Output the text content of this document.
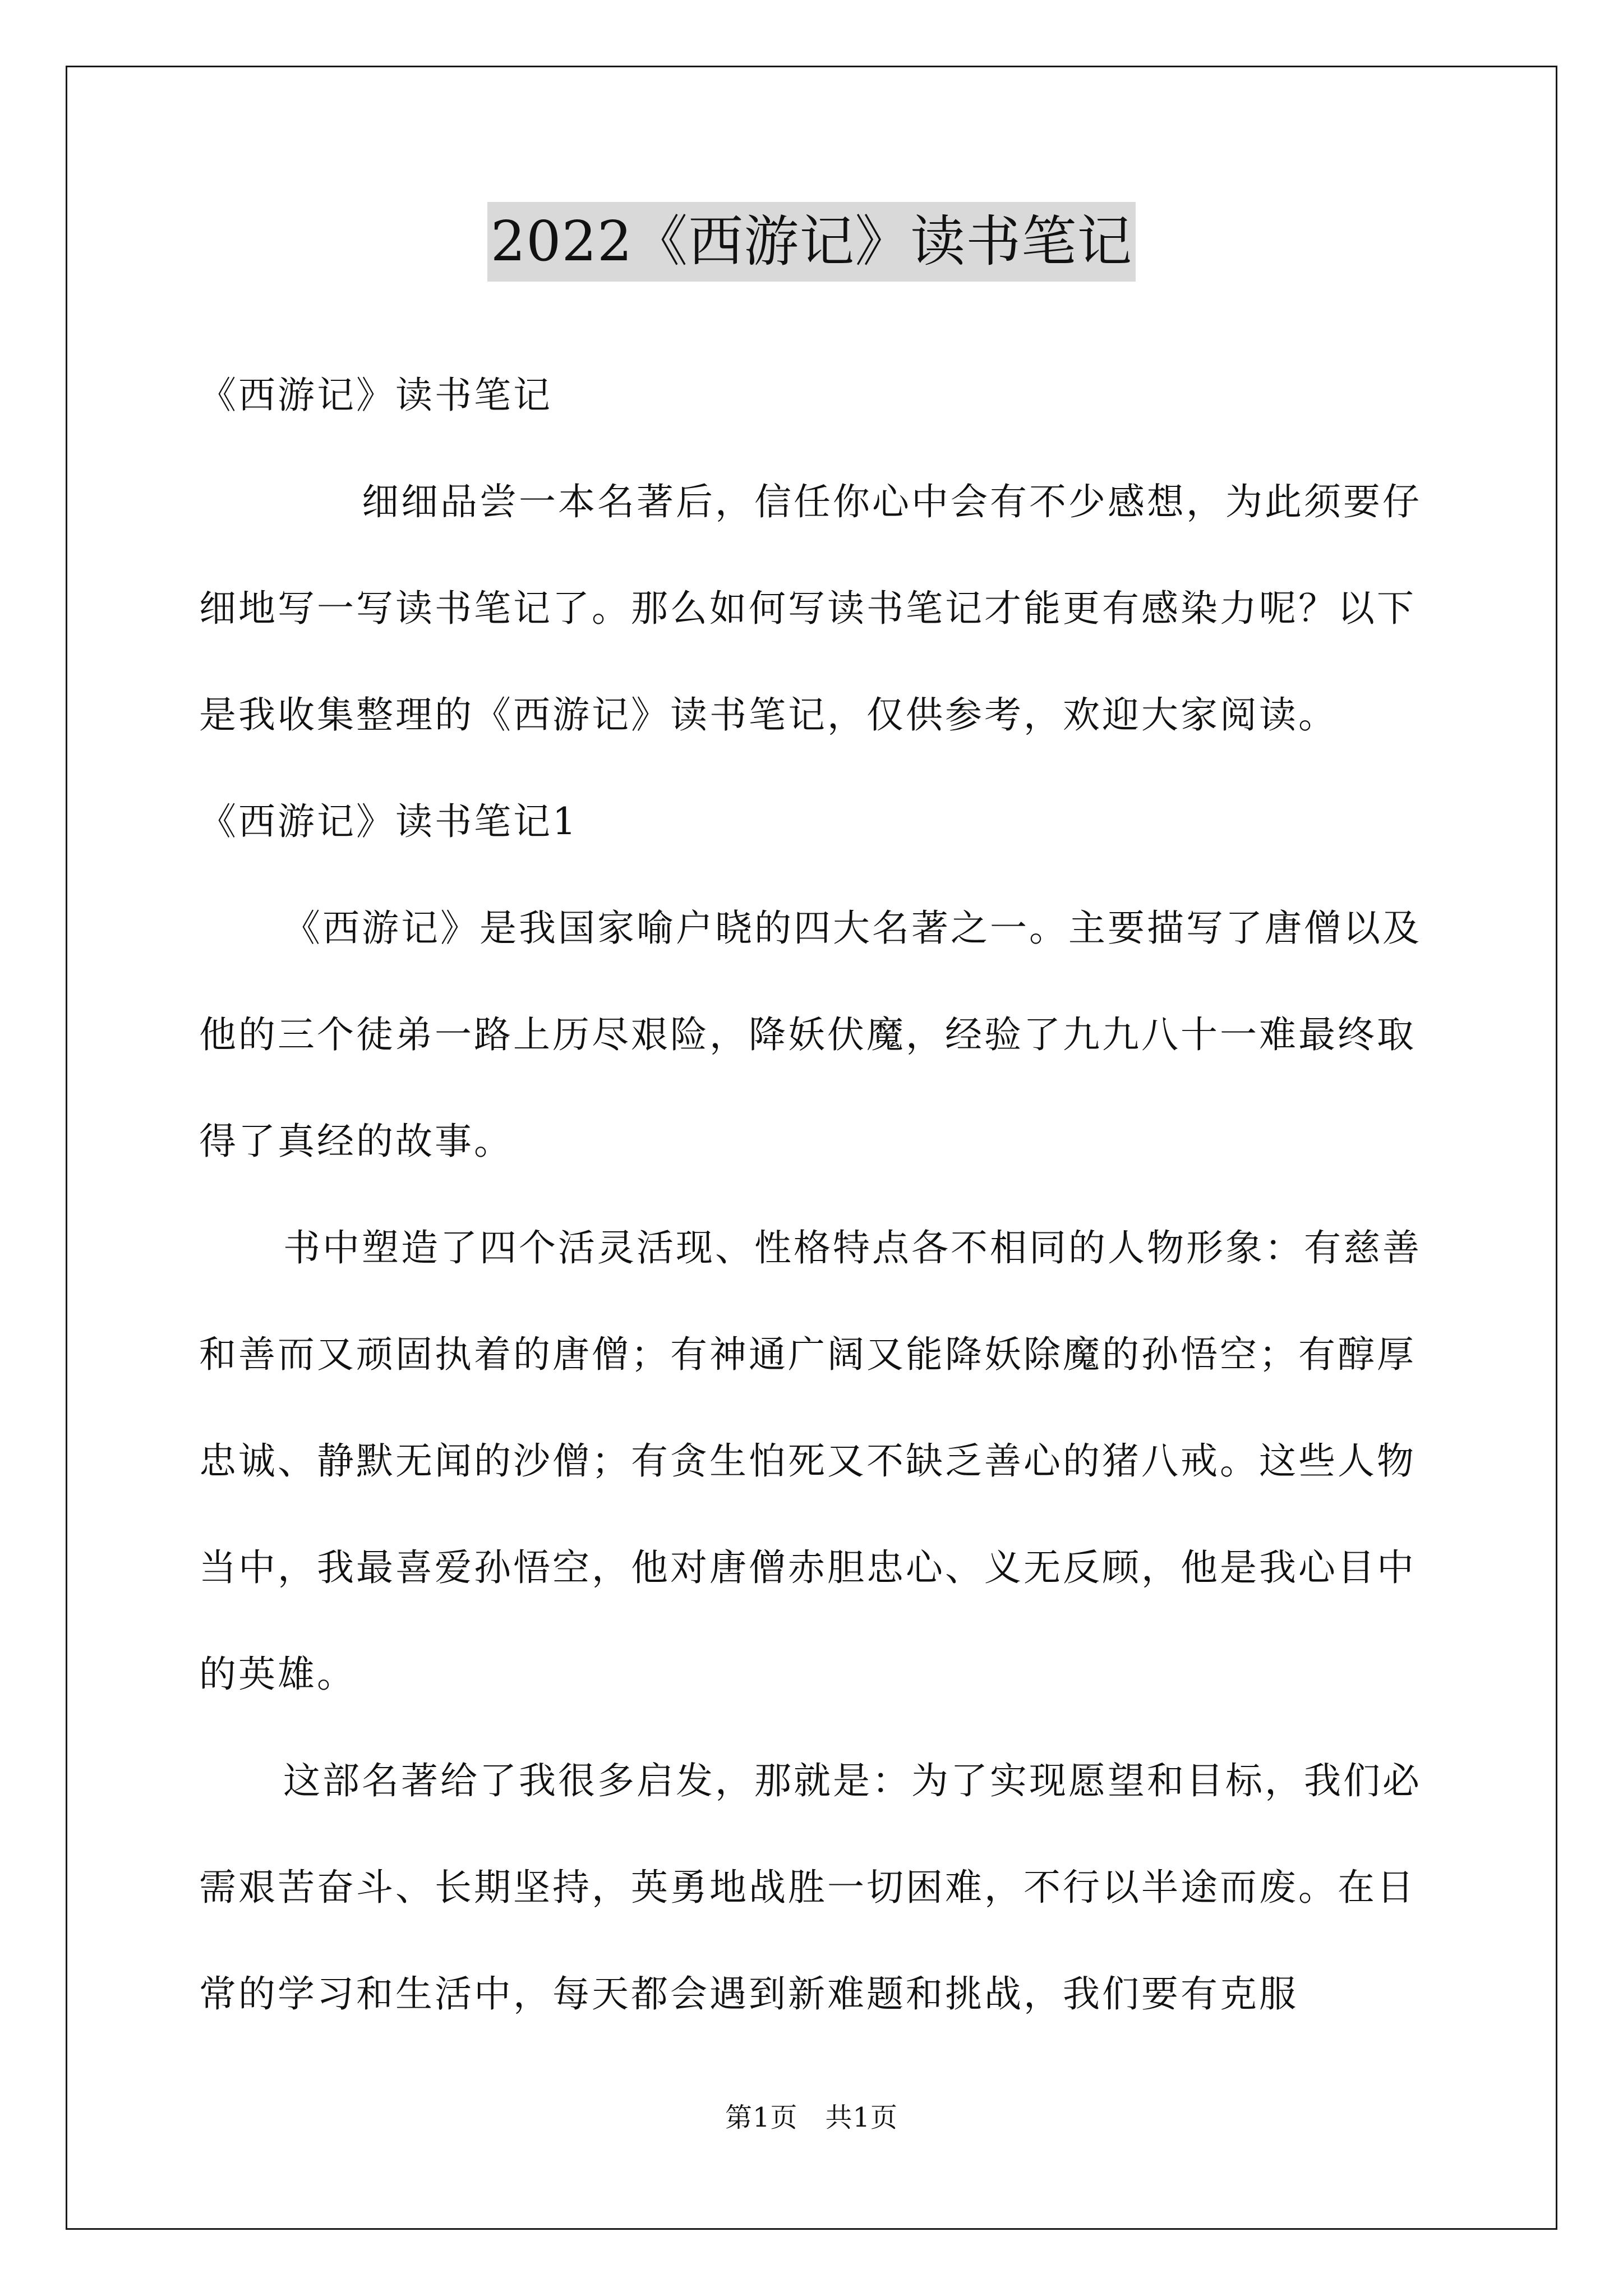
2022《西游记》读书笔记

《西游记》读书笔记

细细品尝一本名著后，信任你心中会有不少感想，为此须要仔细地写一写读书笔记了。那么如何写读书笔记才能更有感染力呢？以下是我收集整理的《西游记》读书笔记，仅供参考，欢迎大家阅读。

《西游记》读书笔记1

《西游记》是我国家喻户晓的四大名著之一。主要描写了唐僧以及他的三个徒弟一路上历尽艰险，降妖伏魔，经验了九九八十一难最终取得了真经的故事。

书中塑造了四个活灵活现、性格特点各不相同的人物形象：有慈善和善而又顽固执着的唐僧；有神通广阔又能降妖除魔的孙悟空；有醇厚忠诚、静默无闻的沙僧；有贪生怕死又不缺乏善心的猪八戒。这些人物当中，我最喜爱孙悟空，他对唐僧赤胆忠心、义无反顾，他是我心目中的英雄。

这部名著给了我很多启发，那就是：为了实现愿望和目标，我们必需艰苦奋斗、长期坚持，英勇地战胜一切困难，不行以半途而废。在日常的学习和生活中，每天都会遇到新难题和挑战，我们要有克服

第1页　共1页
